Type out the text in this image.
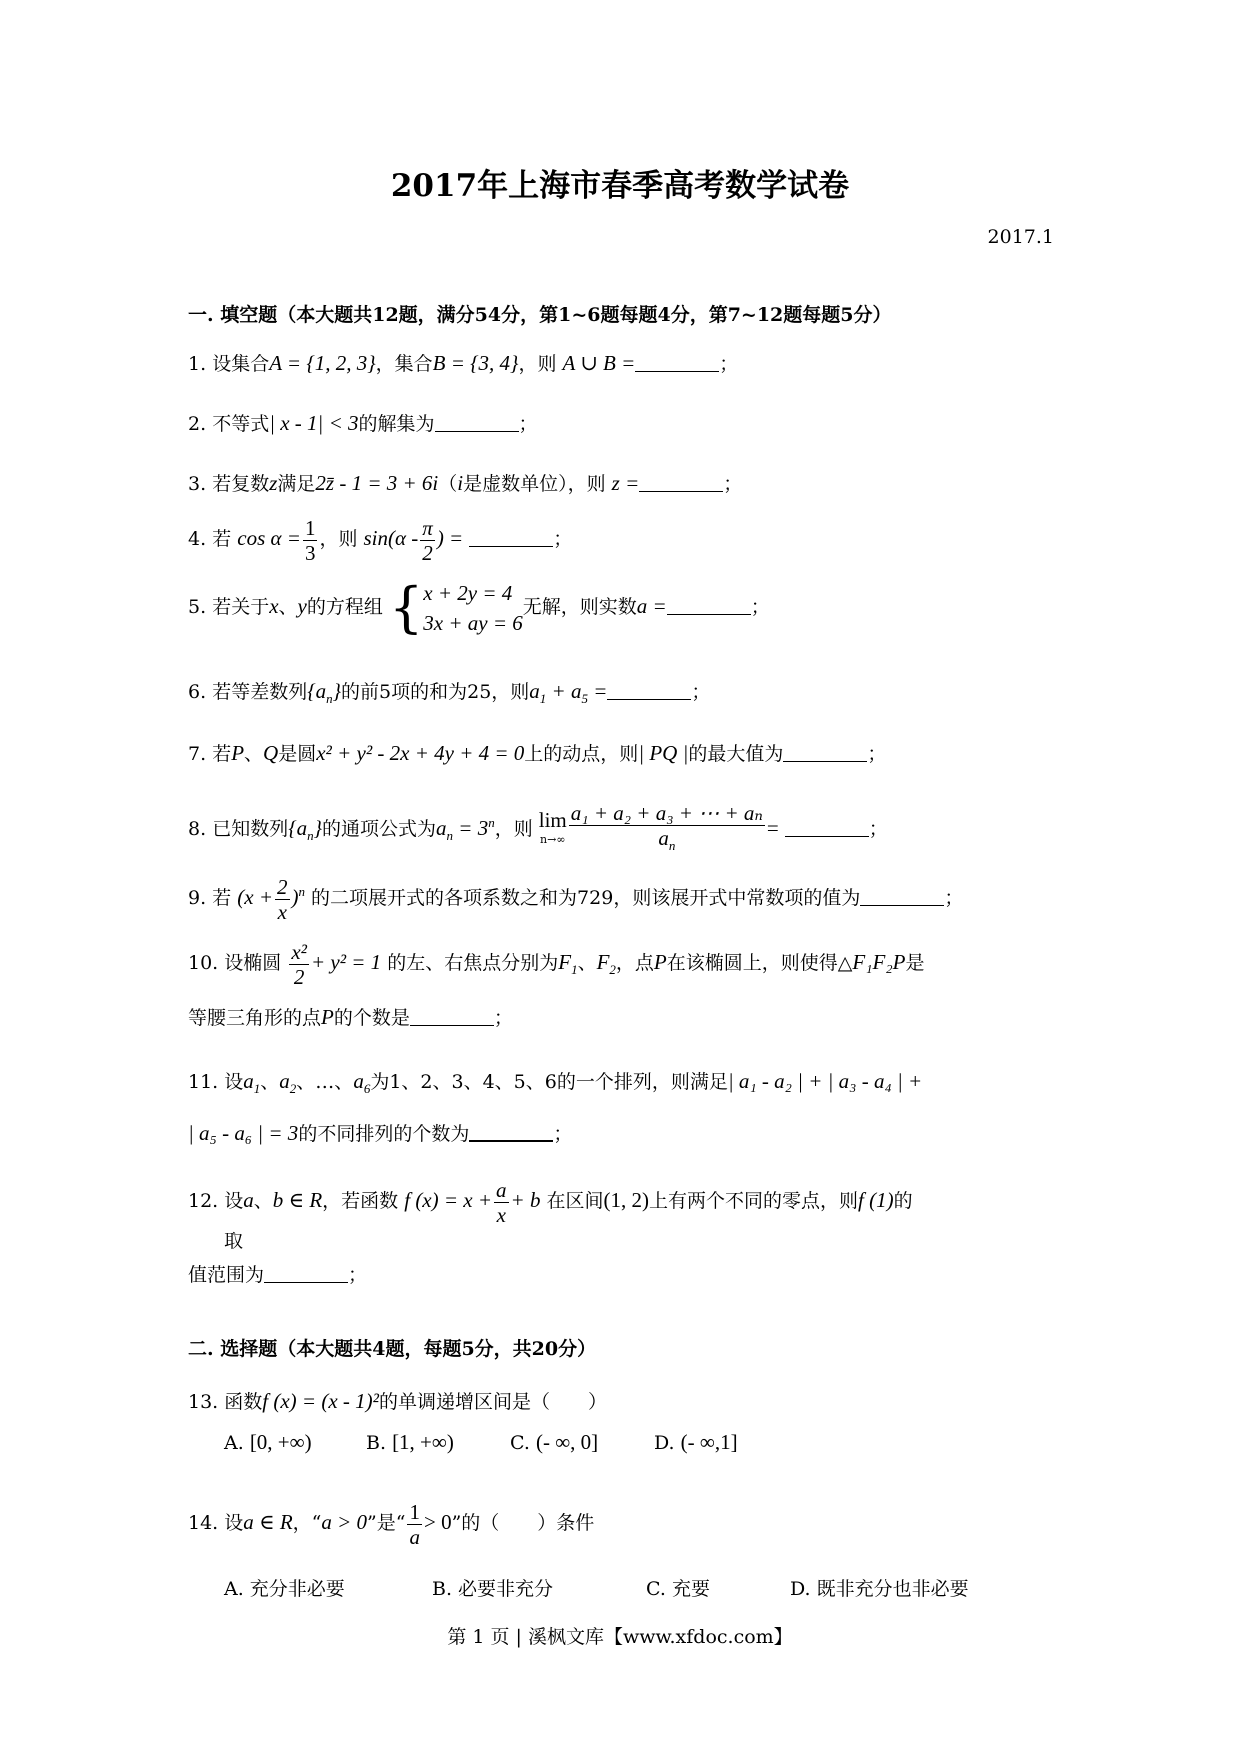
2017年上海市春季高考数学试卷
2017.1
一. 填空题（本大题共12题，满分54分，第1~6题每题4分，第7~12题每题5分）
1. 设集合A = {1, 2, 3}，集合B = {3, 4}，则 A ∪ B =	；
2. 不等式| x - 1| < 3的解集为	；
3. 若复数z满足2z̄ - 1 = 3 + 6i（i是虚数单位），则 z =	；
4. 若 $\cos \alpha = \frac{1}{3}$ ，则 $\sin(\alpha - \frac{\pi}{2}$ ) =	；
5. 若关于x、y的方程组 { x + 2y = 4
3x + ay = 6
无解，则实数a =	；
6. 若等差数列$\{a_n\}$的前5项的和为25，则$a_1 + a_5$ =	；
7. 若P、Q是圆x² + y² - 2x + 4y + 4 = 0上的动点，则| PQ |的最大值为	；
8. 已知数列$\{a_n\}$的通项公式为$a_n = 3^n$，则 lim
$n\to\infty \frac{\text{a₁ + a₂ + a₃ + ⋯ + aₙ}}{a_n}$ =	；
9. 若 $(x + \frac{2}{x} )^n$ 的二项展开式的各项系数之和为729，则该展开式中常数项的值为	；
10. 设椭圆 $\frac{\text{x²}}{2} + y^2 = 1$ 的左、右焦点分别为$F_1$、$F_2$，点P在该椭圆上，则使得△F₁F₂P是
等腰三角形的点P的个数是	；
11. 设$a_1$、$a_2$、…、$a_6$为1、2、3、4、5、6的一个排列，则满足| a₁ - a₂ | + | a₃ - a₄ | +
| a₅ - a₆ | = 3的不同排列的个数为	；
12. 设a、b ∈ R，若函数 f $(x) = x + \frac{a}{x} + b$ 在区间(1, 2)上有两个不同的零点，则f (1)的
取
值范围为	；
二. 选择题（本大题共4题，每题5分，共20分）
13. 函数f (x) = (x - 1)²的单调递增区间是（　　）
A. [0, +∞)	B. [1, +∞)	C. (- ∞, 0]	D. (- ∞,1]
14. 设a ∈ R，“a > 0”是“ $\frac{1}{a} > 0$”的（　　）条件
A. 充分非必要	B. 必要非充分	C. 充要	D. 既非充分也非必要
第 1 页 | 溪枫文库【www.xfdoc.com】
